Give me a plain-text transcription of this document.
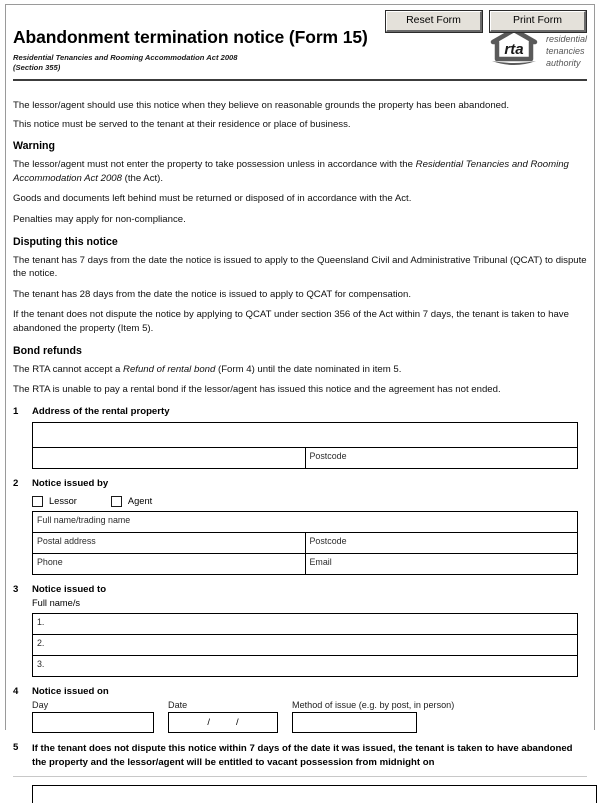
Reset Form	Print Form
Abandonment termination notice (Form 15)
Residential Tenancies and Rooming Accommodation Act 2008
(Section 355)
rta
residential
tenancies
authority

The lessor/agent should use this notice when they believe on reasonable grounds the property has been abandoned.

This notice must be served to the tenant at their residence or place of business.

Warning

The lessor/agent must not enter the property to take possession unless in accordance with the Residential Tenancies and Rooming Accommodation Act 2008 (the Act).

Goods and documents left behind must be returned or disposed of in accordance with the Act.

Penalties may apply for non-compliance.

Disputing this notice

The tenant has 7 days from the date the notice is issued to apply to the Queensland Civil and Administrative Tribunal (QCAT) to dispute the notice.

The tenant has 28 days from the date the notice is issued to apply to QCAT for compensation.

If the tenant does not dispute the notice by applying to QCAT under section 356 of the Act within 7 days, the tenant is taken to have abandoned the property (Item 5).

Bond refunds

The RTA cannot accept a Refund of rental bond (Form 4) until the date nominated in item 5.

The RTA is unable to pay a rental bond if the lessor/agent has issued this notice and the agreement has not ended.

1	Address of the rental property

Postcode
2	Notice issued by
Lessor	Agent
Full name/trading name	

Postal address	Postcode

Phone	Email
3	Notice issued to
Full name/s
1.

2.

3.
4	Notice issued on
Day	Date
/	/
Method of issue (e.g. by post, in person)
5	If the tenant does not dispute this notice within 7 days of the date it was issued, the tenant is taken to have abandoned the property and the lessor/agent will be entitled to vacant possession from midnight on
